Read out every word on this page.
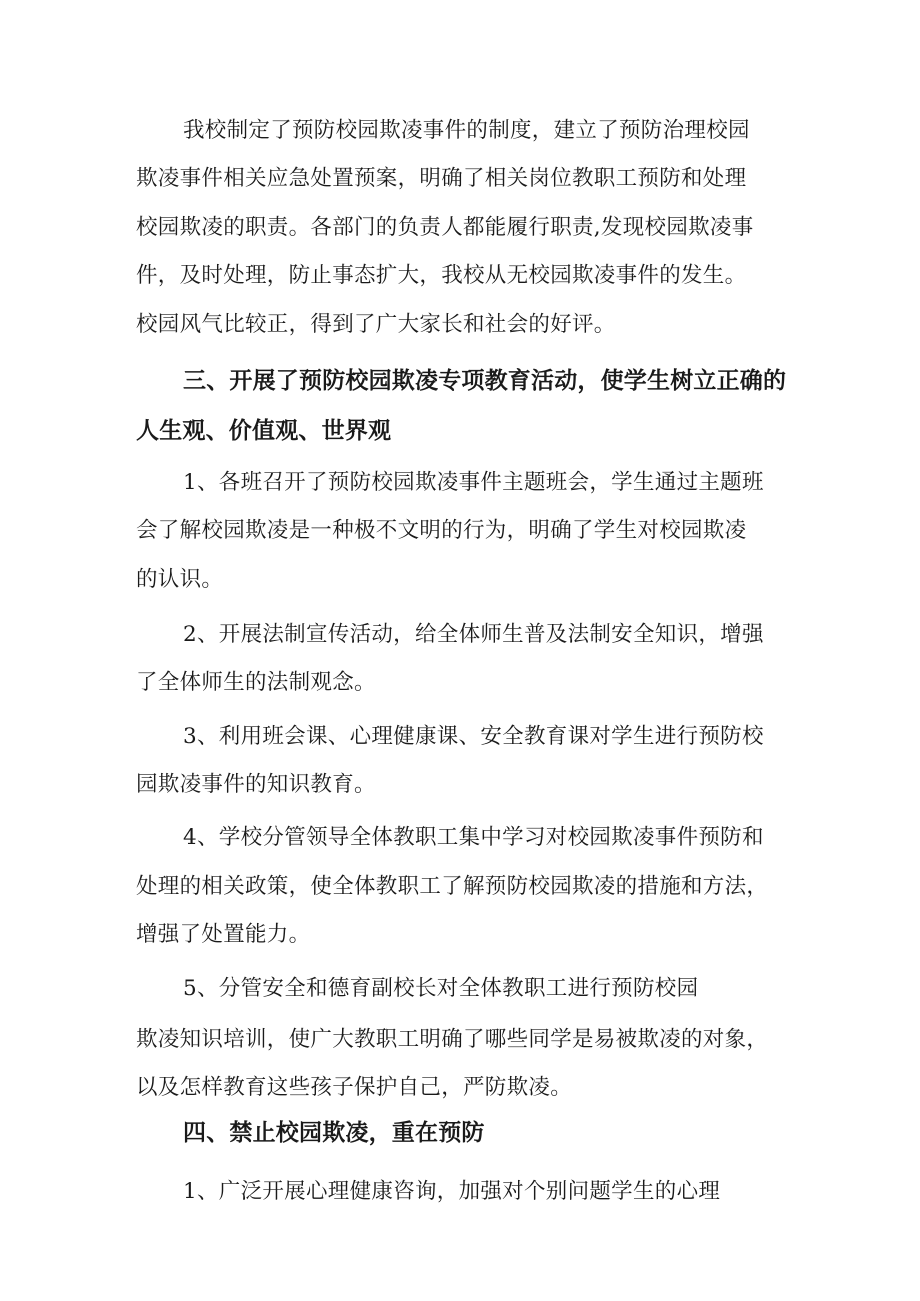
我校制定了预防校园欺凌事件的制度，建立了预防治理校园
欺凌事件相关应急处置预案，明确了相关岗位教职工预防和处理
校园欺凌的职责。各部门的负责人都能履行职责,发现校园欺凌事
件，及时处理，防止事态扩大，我校从无校园欺凌事件的发生。
校园风气比较正，得到了广大家长和社会的好评。
三、开展了预防校园欺凌专项教育活动，使学生树立正确的
人生观、价值观、世界观
1、各班召开了预防校园欺凌事件主题班会，学生通过主题班
会了解校园欺凌是一种极不文明的行为，明确了学生对校园欺凌
的认识。
2、开展法制宣传活动，给全体师生普及法制安全知识，增强
了全体师生的法制观念。
3、利用班会课、心理健康课、安全教育课对学生进行预防校
园欺凌事件的知识教育。
4、学校分管领导全体教职工集中学习对校园欺凌事件预防和
处理的相关政策，使全体教职工了解预防校园欺凌的措施和方法，
增强了处置能力。
5、分管安全和德育副校长对全体教职工进行预防校园
欺凌知识培训，使广大教职工明确了哪些同学是易被欺凌的对象，
以及怎样教育这些孩子保护自己，严防欺凌。
四、禁止校园欺凌，重在预防
1、广泛开展心理健康咨询，加强对个别问题学生的心理
